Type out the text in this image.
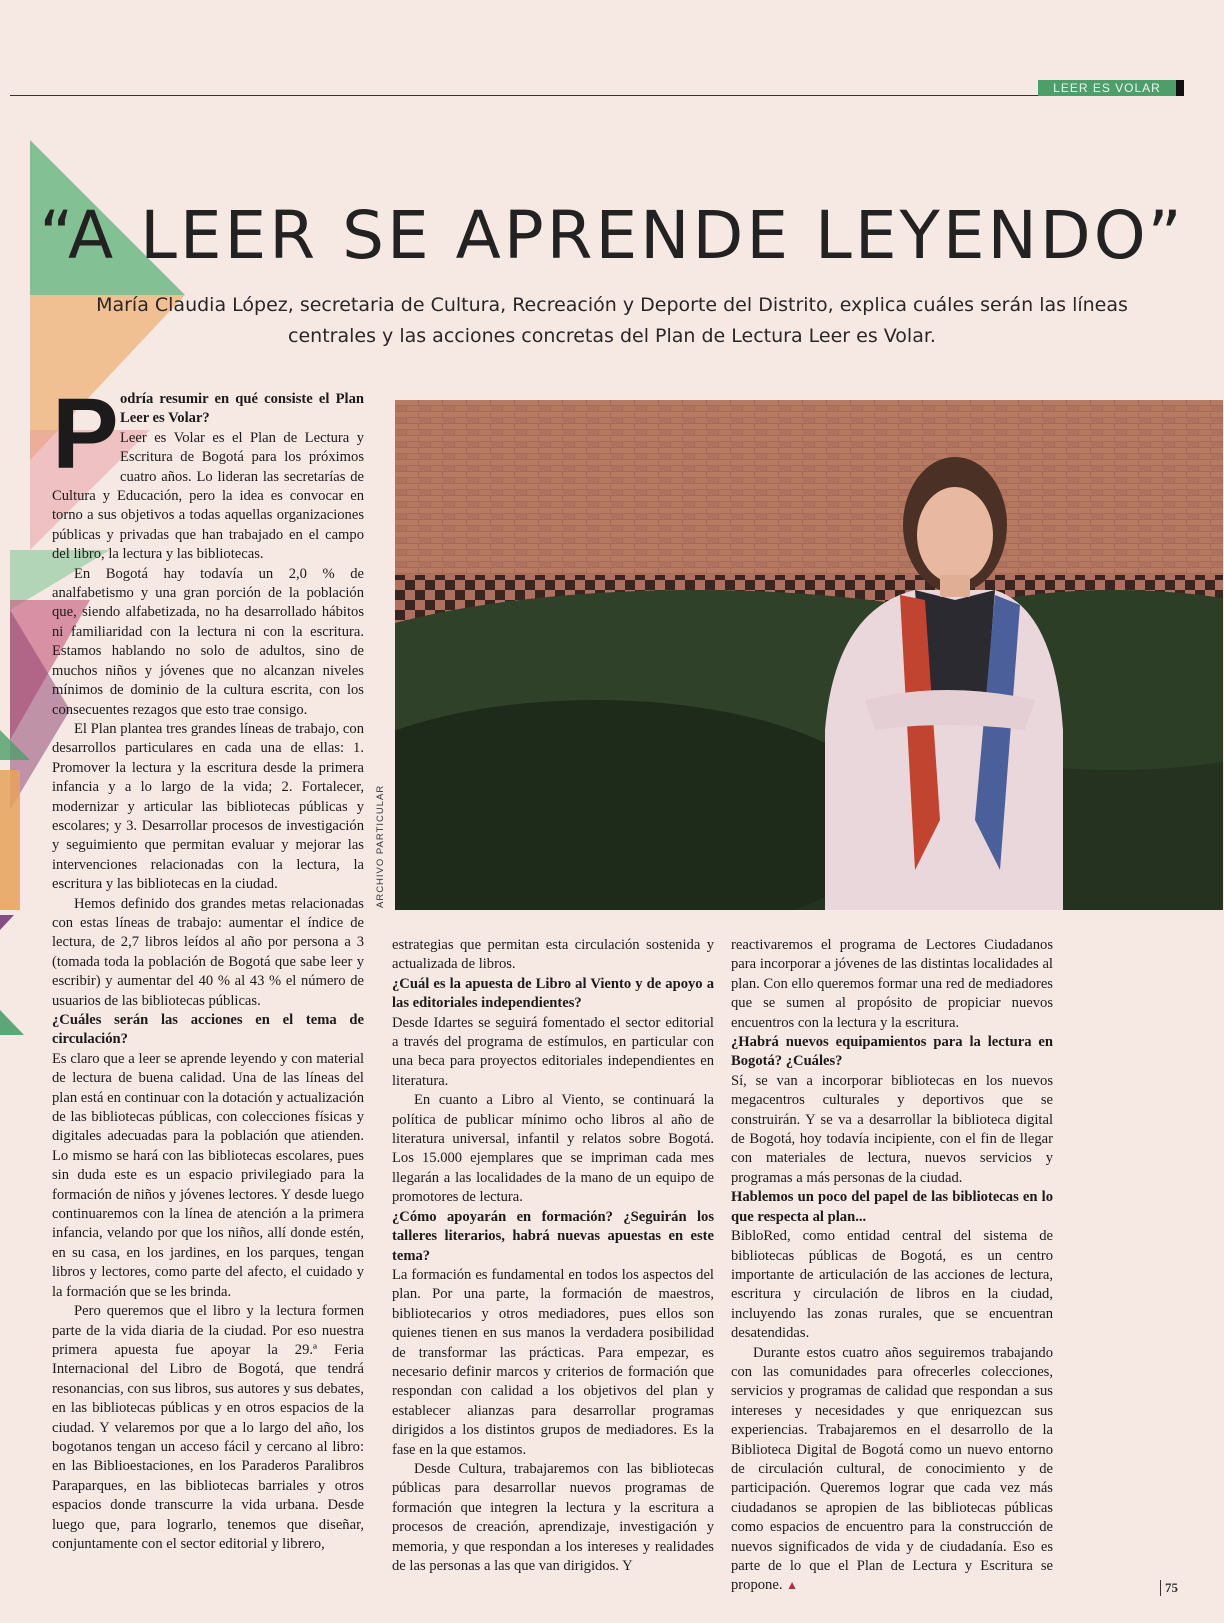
LEER ES VOLAR
“A LEER SE APRENDE LEYENDO”

María Claudia López, secretaria de Cultura, Recreación y Deporte del Distrito, explica cuáles serán las líneas centrales y las acciones concretas del Plan de Lectura Leer es Volar.

ARCHIVO PARTICULAR
P odría resumir en qué consiste el Plan Leer es Volar?

Leer es Volar es el Plan de Lectura y Escritura de Bogotá para los próximos cuatro años. Lo lideran las secretarías de Cultura y Educación, pero la idea es convocar en torno a sus objetivos a todas aquellas organizaciones públicas y privadas que han trabajado en el campo del libro, la lectura y las bibliotecas.

En Bogotá hay todavía un 2,0 % de analfabetismo y una gran porción de la población que, siendo alfabetizada, no ha desarrollado hábitos ni familiaridad con la lectura ni con la escritura. Estamos hablando no solo de adultos, sino de muchos niños y jóvenes que no alcanzan niveles mínimos de dominio de la cultura escrita, con los consecuentes rezagos que esto trae consigo.

El Plan plantea tres grandes líneas de trabajo, con desarrollos particulares en cada una de ellas: 1. Promover la lectura y la escritura desde la primera infancia y a lo largo de la vida; 2. Fortalecer, modernizar y articular las bibliotecas públicas y escolares; y 3. Desarrollar procesos de investigación y seguimiento que permitan evaluar y mejorar las intervenciones relacionadas con la lectura, la escritura y las bibliotecas en la ciudad.

Hemos definido dos grandes metas relacionadas con estas líneas de trabajo: aumentar el índice de lectura, de 2,7 libros leídos al año por persona a 3 (tomada toda la población de Bogotá que sabe leer y escribir) y aumentar del 40 % al 43 % el número de usuarios de las bibliotecas públicas.

¿Cuáles serán las acciones en el tema de circulación?

Es claro que a leer se aprende leyendo y con material de lectura de buena calidad. Una de las líneas del plan está en continuar con la dotación y actualización de las bibliotecas públicas, con colecciones físicas y digitales adecuadas para la población que atienden. Lo mismo se hará con las bibliotecas escolares, pues sin duda este es un espacio privilegiado para la formación de niños y jóvenes lectores. Y desde luego continuaremos con la línea de atención a la primera infancia, velando por que los niños, allí donde estén, en su casa, en los jardines, en los parques, tengan libros y lectores, como parte del afecto, el cuidado y la formación que se les brinda.

Pero queremos que el libro y la lectura formen parte de la vida diaria de la ciudad. Por eso nuestra primera apuesta fue apoyar la 29.ª Feria Internacional del Libro de Bogotá, que tendrá resonancias, con sus libros, sus autores y sus debates, en las bibliotecas públicas y en otros espacios de la ciudad. Y velaremos por que a lo largo del año, los bogotanos tengan un acceso fácil y cercano al libro: en las Biblioestaciones, en los Paraderos Paralibros Paraparques, en las bibliotecas barriales y otros espacios donde transcurre la vida urbana. Desde luego que, para lograrlo, tenemos que diseñar, conjuntamente con el sector editorial y librero,

estrategias que permitan esta circulación sostenida y actualizada de libros.

¿Cuál es la apuesta de Libro al Viento y de apoyo a las editoriales independientes?

Desde Idartes se seguirá fomentado el sector editorial a través del programa de estímulos, en particular con una beca para proyectos editoriales independientes en literatura.

En cuanto a Libro al Viento, se continuará la política de publicar mínimo ocho libros al año de literatura universal, infantil y relatos sobre Bogotá. Los 15.000 ejemplares que se impriman cada mes llegarán a las localidades de la mano de un equipo de promotores de lectura.

¿Cómo apoyarán en formación? ¿Seguirán los talleres literarios, habrá nuevas apuestas en este tema?

La formación es fundamental en todos los aspectos del plan. Por una parte, la formación de maestros, bibliotecarios y otros mediadores, pues ellos son quienes tienen en sus manos la verdadera posibilidad de transformar las prácticas. Para empezar, es necesario definir marcos y criterios de formación que respondan con calidad a los objetivos del plan y establecer alianzas para desarrollar programas dirigidos a los distintos grupos de mediadores. Es la fase en la que estamos.

Desde Cultura, trabajaremos con las bibliotecas públicas para desarrollar nuevos programas de formación que integren la lectura y la escritura a procesos de creación, aprendizaje, investigación y memoria, y que respondan a los intereses y realidades de las personas a las que van dirigidos. Y

reactivaremos el programa de Lectores Ciudadanos para incorporar a jóvenes de las distintas localidades al plan. Con ello queremos formar una red de mediadores que se sumen al propósito de propiciar nuevos encuentros con la lectura y la escritura.

¿Habrá nuevos equipamientos para la lectura en Bogotá? ¿Cuáles?

Sí, se van a incorporar bibliotecas en los nuevos megacentros culturales y deportivos que se construirán. Y se va a desarrollar la biblioteca digital de Bogotá, hoy todavía incipiente, con el fin de llegar con materiales de lectura, nuevos servicios y programas a más personas de la ciudad.

Hablemos un poco del papel de las bibliotecas en lo que respecta al plan...

BibloRed, como entidad central del sistema de bibliotecas públicas de Bogotá, es un centro importante de articulación de las acciones de lectura, escritura y circulación de libros en la ciudad, incluyendo las zonas rurales, que se encuentran desatendidas.

Durante estos cuatro años seguiremos trabajando con las comunidades para ofrecerles colecciones, servicios y programas de calidad que respondan a sus intereses y necesidades y que enriquezcan sus experiencias. Trabajaremos en el desarrollo de la Biblioteca Digital de Bogotá como un nuevo entorno de circulación cultural, de conocimiento y de participación. Queremos lograr que cada vez más ciudadanos se apropien de las bibliotecas públicas como espacios de encuentro para la construcción de nuevos significados de vida y de ciudadanía. Eso es parte de lo que el Plan de Lectura y Escritura se propone. ▲	75
